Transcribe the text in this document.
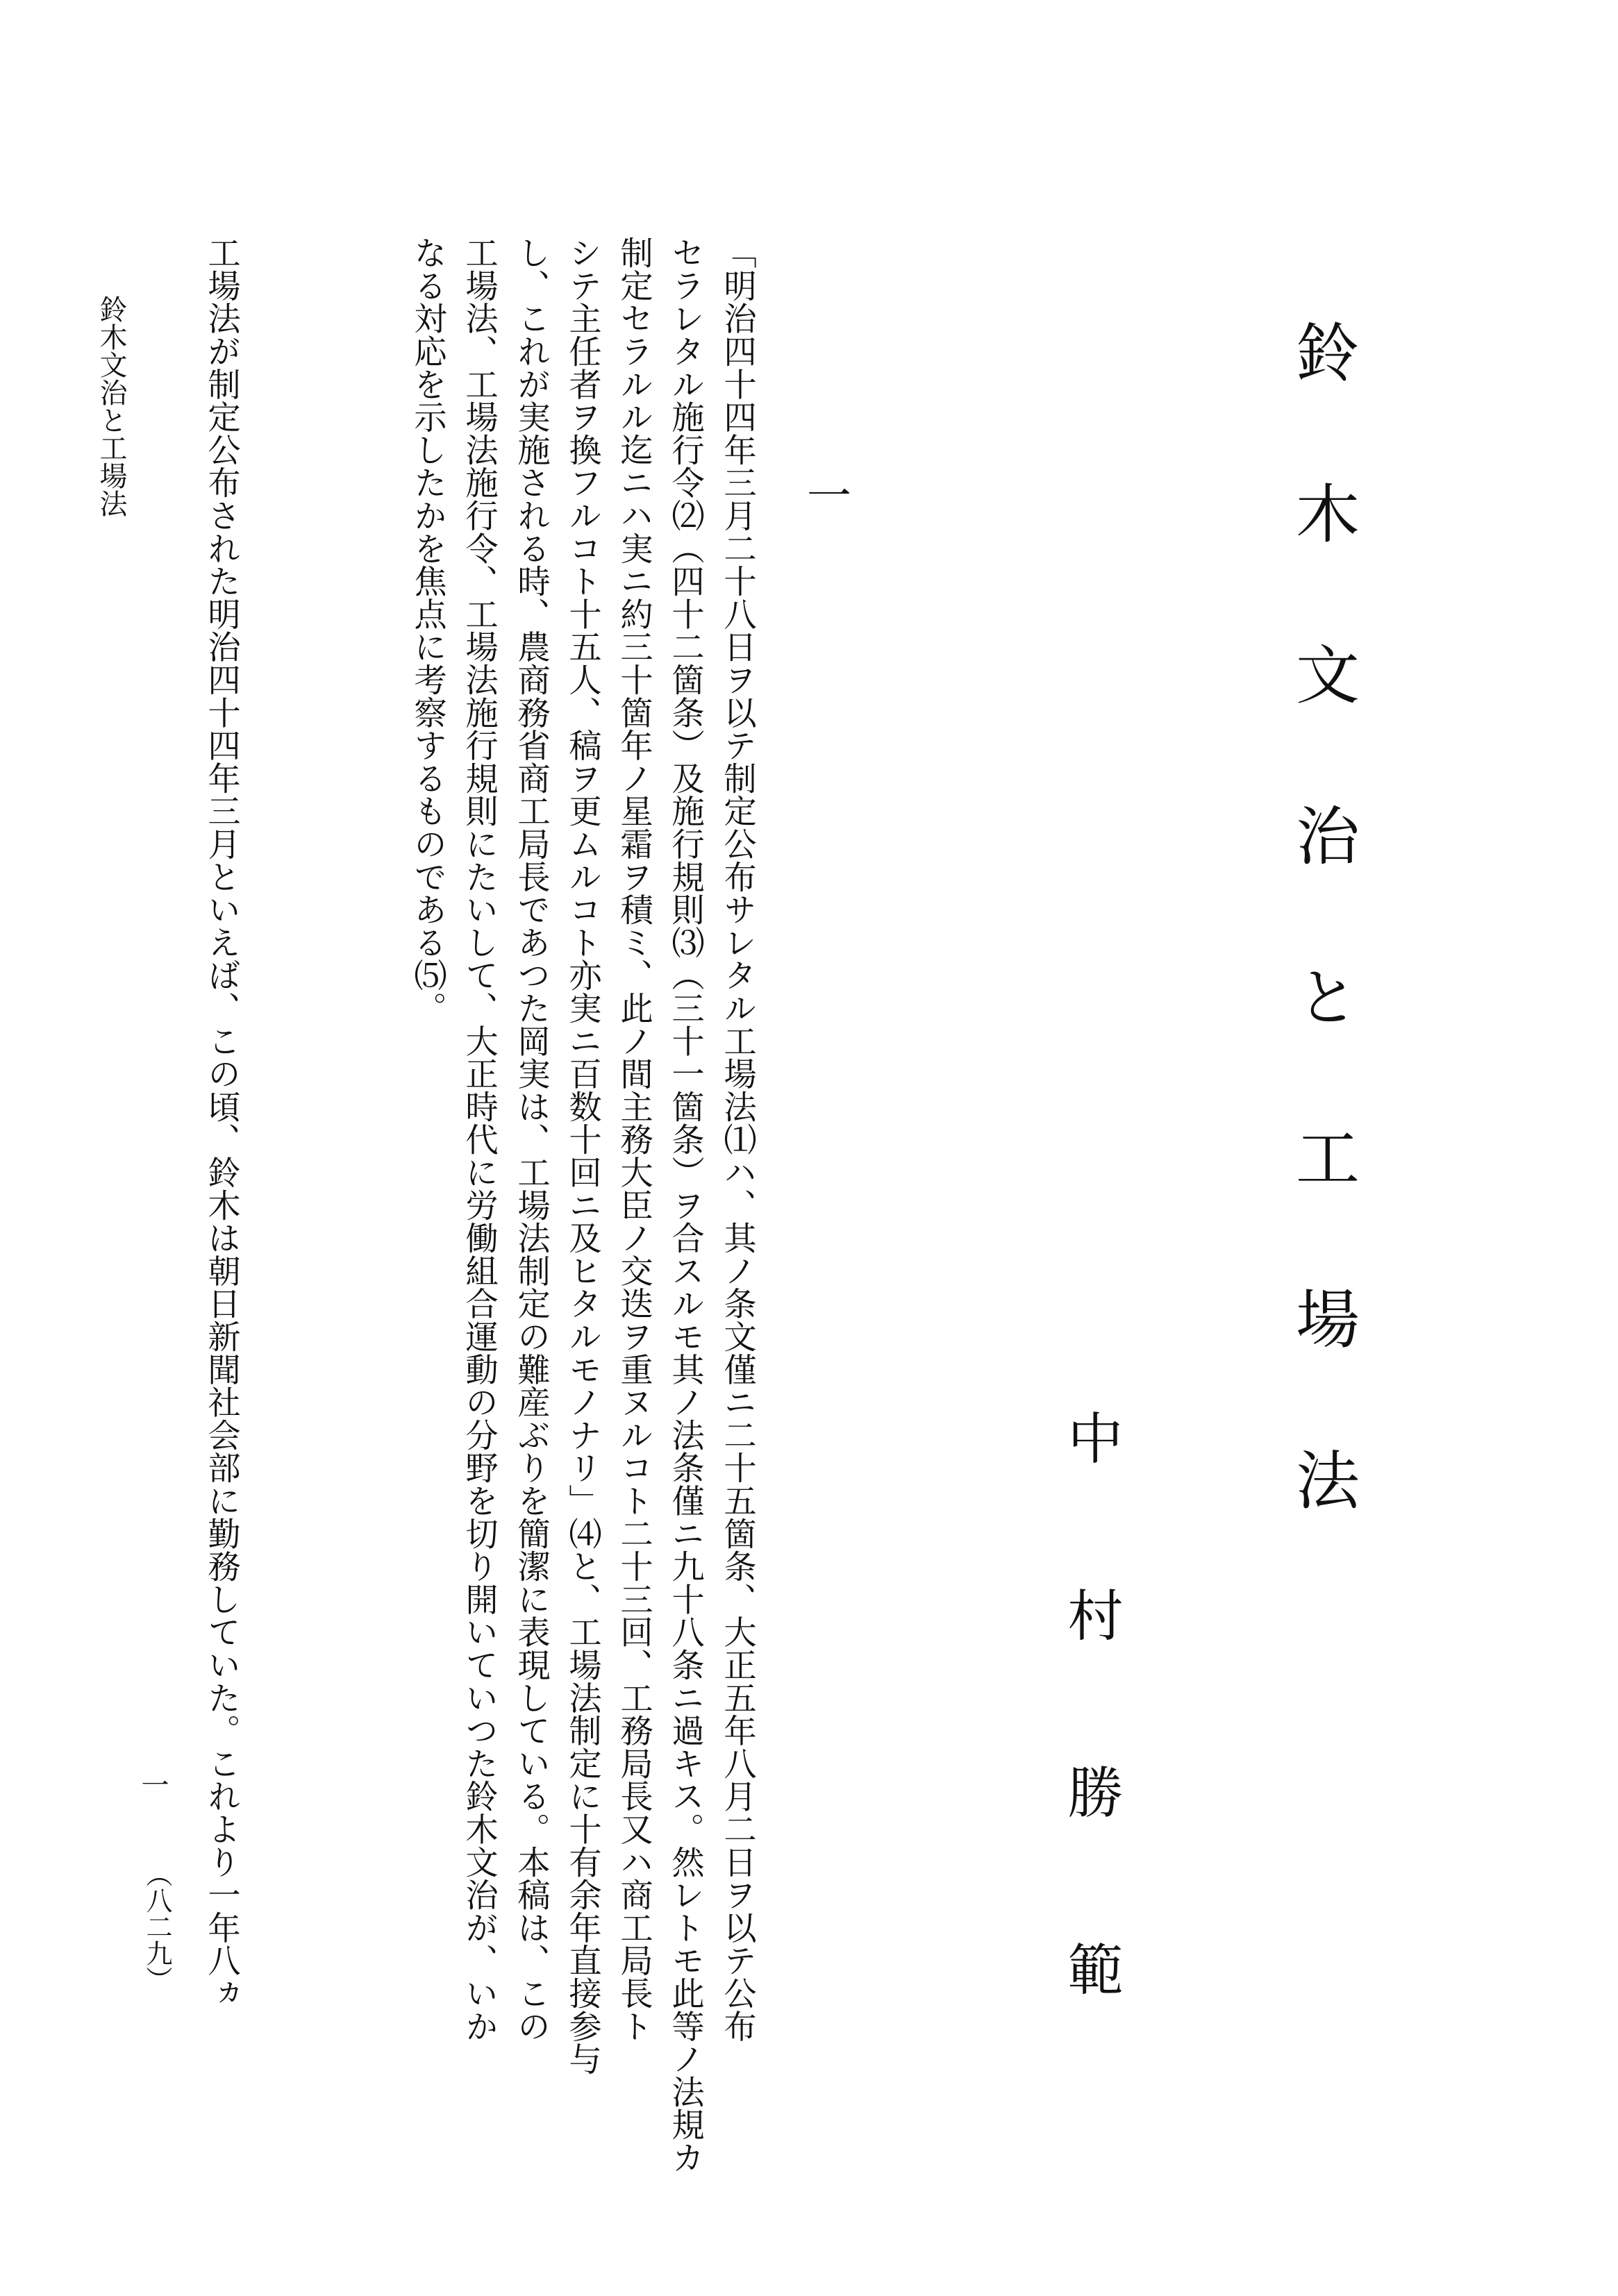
鈴木文治と工場法
中村勝範
一
「明治四十四年三月二十八日ヲ以テ制定公布サレタル工場法⑴ハ、其ノ条文僅ニ二十五箇条、大正五年八月二日ヲ以テ公布
セラレタル施行令⑵（四十二箇条）及施行規則⑶（三十一箇条）ヲ合スルモ其ノ法条僅ニ九十八条ニ過キス。然レトモ此等ノ法規カ
制定セラルル迄ニハ実ニ約三十箇年ノ星霜ヲ積ミ、此ノ間主務大臣ノ交迭ヲ重ヌルコト二十三回、工務局長又ハ商工局長ト
シテ主任者ヲ換フルコト十五人、稿ヲ更ムルコト亦実ニ百数十回ニ及ヒタルモノナリ」⑷と、工場法制定に十有余年直接参与
し、これが実施される時、農商務省商工局長であつた岡実は、工場法制定の難産ぶりを簡潔に表現している。本稿は、この
工場法、工場法施行令、工場法施行規則にたいして、大正時代に労働組合運動の分野を切り開いていつた鈴木文治が、いか
なる対応を示したかを焦点に考察するものである⑸。
工場法が制定公布された明治四十四年三月といえば、この頃、鈴木は朝日新聞社会部に勤務していた。これより一年八ヵ
鈴木文治と工場法
一
（八二九）
